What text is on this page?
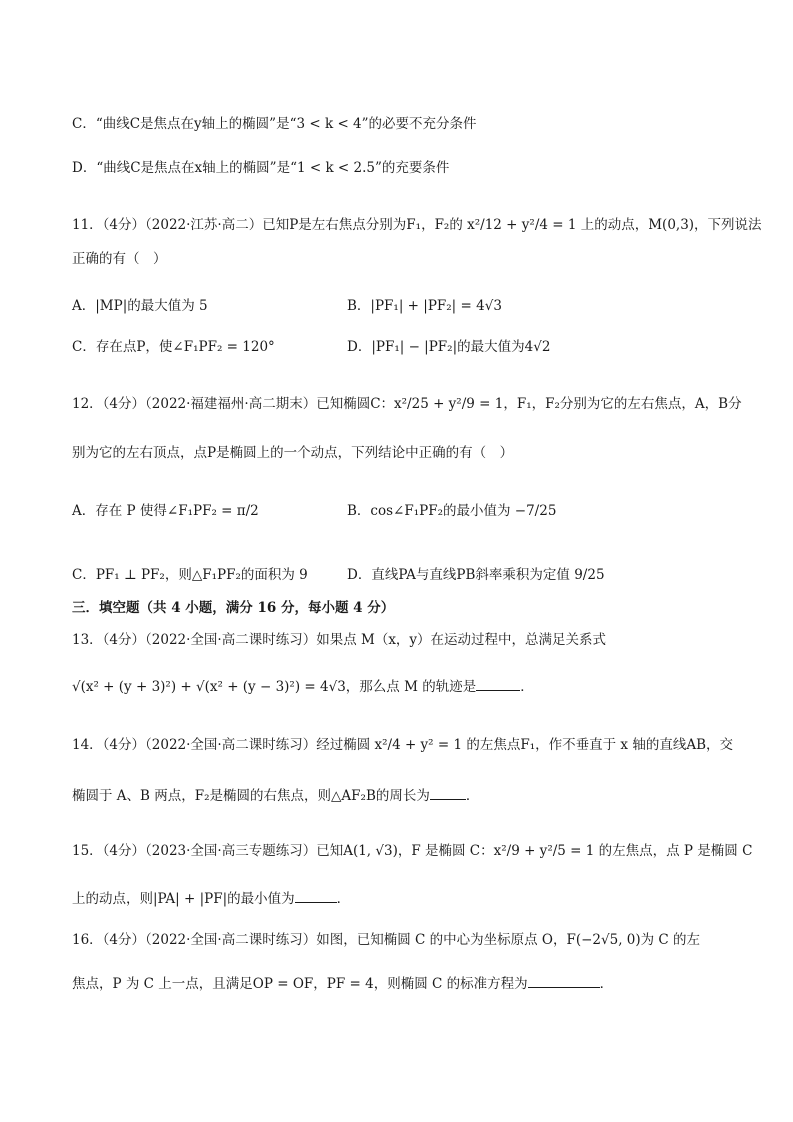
C．“曲线C是焦点在y轴上的椭圆”是“3 < k < 4”的必要不充分条件
D．“曲线C是焦点在x轴上的椭圆”是“1 < k < 2.5”的充要条件
11．（4分）（2022·江苏·高二）已知P是左右焦点分别为F₁，F₂的 x²/12 + y²/4 = 1 上的动点，M(0,3)，下列说法
正确的有（　）
A．|MP|的最大值为 5	B．|PF₁| + |PF₂| = 4√3
C．存在点P，使∠F₁PF₂ = 120°	D．|PF₁| − |PF₂|的最大值为4√2
12．（4分）（2022·福建福州·高二期末）已知椭圆C：x²/25 + y²/9 = 1，F₁，F₂分别为它的左右焦点，A，B分
别为它的左右顶点，点P是椭圆上的一个动点，下列结论中正确的有（　）
A．存在 P 使得∠F₁PF₂ = π/2	B．cos∠F₁PF₂的最小值为 −7/25
C．PF₁ ⊥ PF₂，则△F₁PF₂的面积为 9	D．直线PA与直线PB斜率乘积为定值 9/25
三．填空题（共 4 小题，满分 16 分，每小题 4 分）
13．（4分）（2022·全国·高二课时练习）如果点 M（x，y）在运动过程中，总满足关系式
√(x² + (y + 3)²) + √(x² + (y − 3)²) = 4√3，那么点 M 的轨迹是	．
14．（4分）（2022·全国·高二课时练习）经过椭圆 x²/4 + y² = 1 的左焦点F₁，作不垂直于 x 轴的直线AB，交
椭圆于 A、B 两点，F₂是椭圆的右焦点，则△AF₂B的周长为	．
15．（4分）（2023·全国·高三专题练习）已知A(1, √3)，F 是椭圆 C：x²/9 + y²/5 = 1 的左焦点，点 P 是椭圆 C
上的动点，则|PA| + |PF|的最小值为	．
16．（4分）（2022·全国·高二课时练习）如图，已知椭圆 C 的中心为坐标原点 O，F(−2√5, 0)为 C 的左
焦点，P 为 C 上一点，且满足OP = OF，PF = 4，则椭圆 C 的标准方程为	．
